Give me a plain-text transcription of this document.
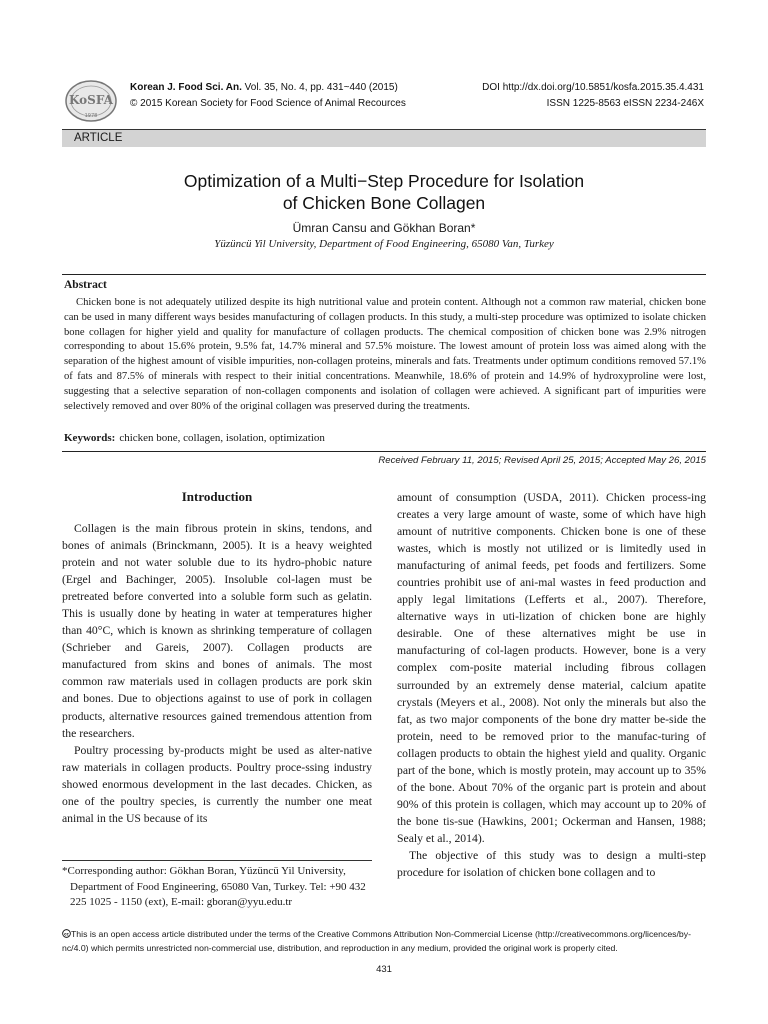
KoSFA
1978
Korean J. Food Sci. An. Vol. 35, No. 4, pp. 431~440 (2015)
© 2015 Korean Society for Food Science of Animal Recources
DOI http://dx.doi.org/10.5851/kosfa.2015.35.4.431
ISSN 1225-8563 eISSN 2234-246X
ARTICLE
Optimization of a Multi−Step Procedure for Isolation
of Chicken Bone Collagen
Ümran Cansu and Gökhan Boran*
Yüzüncü Yil University, Department of Food Engineering, 65080 Van, Turkey
Abstract
Chicken bone is not adequately utilized despite its high nutritional value and protein content. Although not a common raw material, chicken bone can be used in many different ways besides manufacturing of collagen products. In this study, a multi-step procedure was optimized to isolate chicken bone collagen for higher yield and quality for manufacture of collagen products. The chemical composition of chicken bone was 2.9% nitrogen corresponding to about 15.6% protein, 9.5% fat, 14.7% mineral and 57.5% moisture. The lowest amount of protein loss was aimed along with the separation of the highest amount of visible impurities, non-collagen proteins, minerals and fats. Treatments under optimum conditions removed 57.1% of fats and 87.5% of minerals with respect to their initial concentrations. Meanwhile, 18.6% of protein and 14.9% of hydroxyproline were lost, suggesting that a selective separation of non-collagen components and isolation of collagen were achieved. A significant part of impurities were selectively removed and over 80% of the original collagen was preserved during the treatments.
Keywords: chicken bone, collagen, isolation, optimization
Received February 11, 2015; Revised April 25, 2015; Accepted May 26, 2015
Introduction

Collagen is the main fibrous protein in skins, tendons, and bones of animals (Brinckmann, 2005). It is a heavy weighted protein and not water soluble due to its hydro-phobic nature (Ergel and Bachinger, 2005). Insoluble col-lagen must be pretreated before converted into a soluble form such as gelatin. This is usually done by heating in water at temperatures higher than 40°C, which is known as shrinking temperature of collagen (Schrieber and Gareis, 2007). Collagen products are manufactured from skins and bones of animals. The most common raw materials used in collagen products are pork skin and bones. Due to objections against to use of pork in collagen products, alternative resources gained tremendous attention from the researchers.

Poultry processing by-products might be used as alter-native raw materials in collagen products. Poultry proce-ssing industry showed enormous development in the last decades. Chicken, as one of the poultry species, is currently the number one meat animal in the US because of its

amount of consumption (USDA, 2011). Chicken process-ing creates a very large amount of waste, some of which have high amount of nutritive components. Chicken bone is one of these wastes, which is mostly not utilized or is limitedly used in manufacturing of animal feeds, pet foods and fertilizers. Some countries prohibit use of ani-mal wastes in feed production and apply legal limitations (Lefferts et al., 2007). Therefore, alternative ways in uti-lization of chicken bone are highly desirable. One of these alternatives might be use in manufacturing of col-lagen products. However, bone is a very complex com-posite material including fibrous collagen surrounded by an extremely dense material, calcium apatite crystals (Meyers et al., 2008). Not only the minerals but also the fat, as two major components of the bone dry matter be-side the protein, need to be removed prior to the manufac-turing of collagen products to obtain the highest yield and quality. Organic part of the bone, which is mostly protein, may account up to 35% of the bone. About 70% of the organic part is protein and about 90% of this protein is collagen, which may account up to 20% of the bone tis-sue (Hawkins, 2001; Ockerman and Hansen, 1988; Sealy et al., 2014).

The objective of this study was to design a multi-step procedure for isolation of chicken bone collagen and to

*Corresponding author: Gökhan Boran, Yüzüncü Yil University, Department of Food Engineering, 65080 Van, Turkey. Tel: +90 432 225 1025 - 1150 (ext), E-mail: gboran@yyu.edu.tr

cc This is an open access article distributed under the terms of the Creative Commons Attribution Non-Commercial License (http://creativecommons.org/licences/by-nc/4.0) which permits unrestricted non-commercial use, distribution, and reproduction in any medium, provided the original work is properly cited.
431
